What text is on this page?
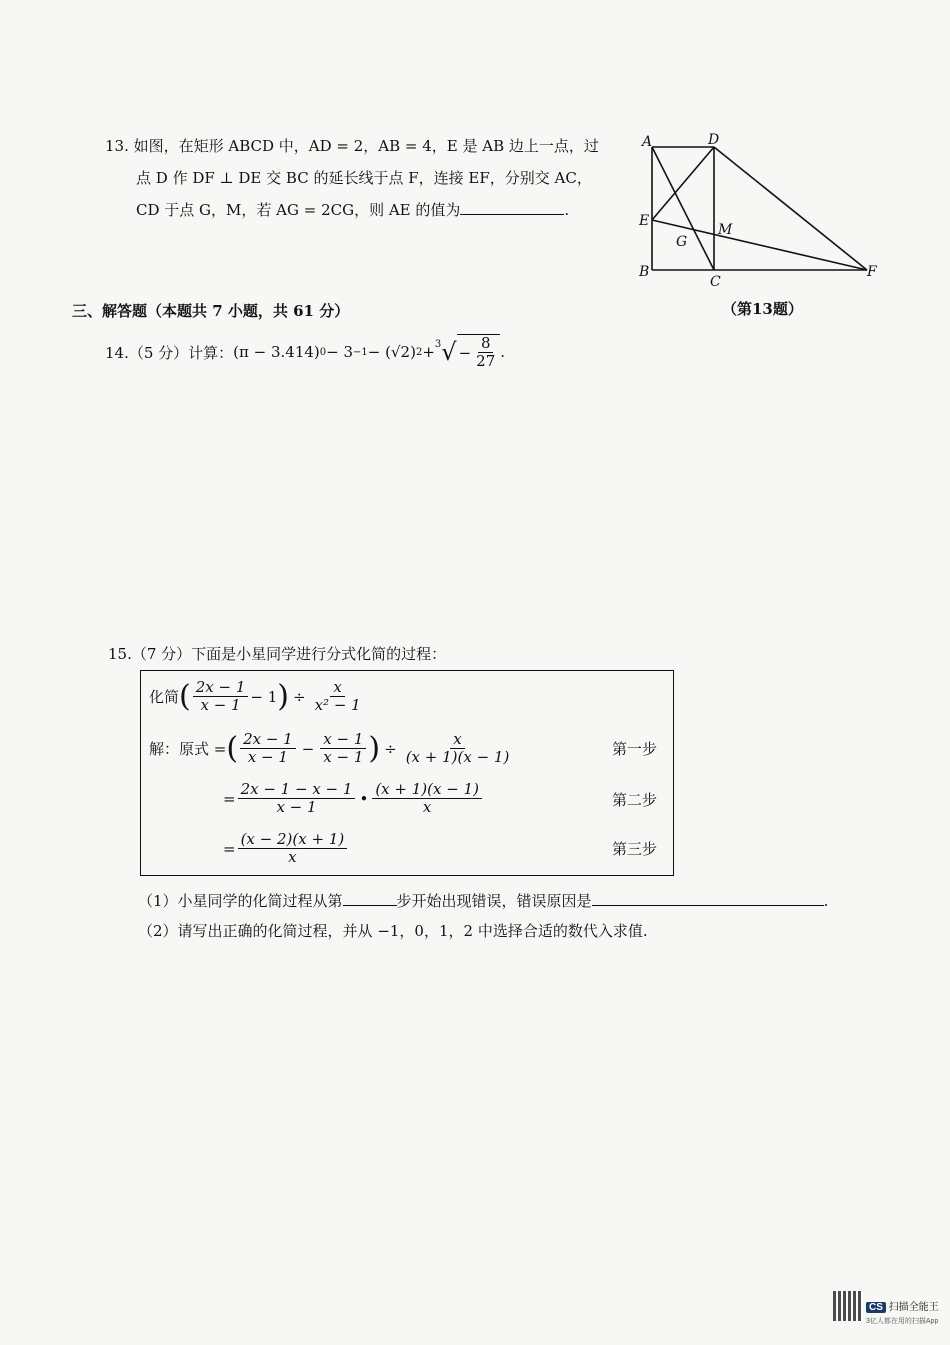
13. 如图，在矩形 ABCD 中，AD = 2，AB = 4，E 是 AB 边上一点，过
点 D 作 DF ⊥ DE 交 BC 的延长线于点 F，连接 EF，分别交 AC，
CD 于点 G，M，若 AG = 2CG，则 AE 的值为	.
A	D
E
M
G
B
C
F
（第13题）
三、解答题（本题共 7 小题，共 61 分）
14.（5 分）计算： (π − 3.414) 0 − 3 −1 − ( √2 ) 2 + $^3$ √ − $\frac{8}{27}$ .
15.（7 分）下面是小星同学进行分式化简的过程：
化简 ( $\frac{2x - 1}{x - 1} - 1$ ) ÷ $\frac{x}{\text{x² − 1}}$
解：原式 = ( $\frac{2x - 1}{x - 1} - \frac{x - 1}{x - 1}$ ) ÷ $\frac{x}{(x + 1)(x - 1)}$
= $\frac{2x - 1 - x - 1}{x - 1}$ • $\frac{(x + 1)(x - 1)}{x}$
= $\frac{(x - 2)(x + 1)}{x}$
第一步
第二步
第三步
（1）小星同学的化简过程从第	步开始出现错误，错误原因是	.
（2）请写出正确的化简过程，并从 −1，0，1，2 中选择合适的数代入求值.
CS 扫描全能王
3亿人都在用的扫描App
